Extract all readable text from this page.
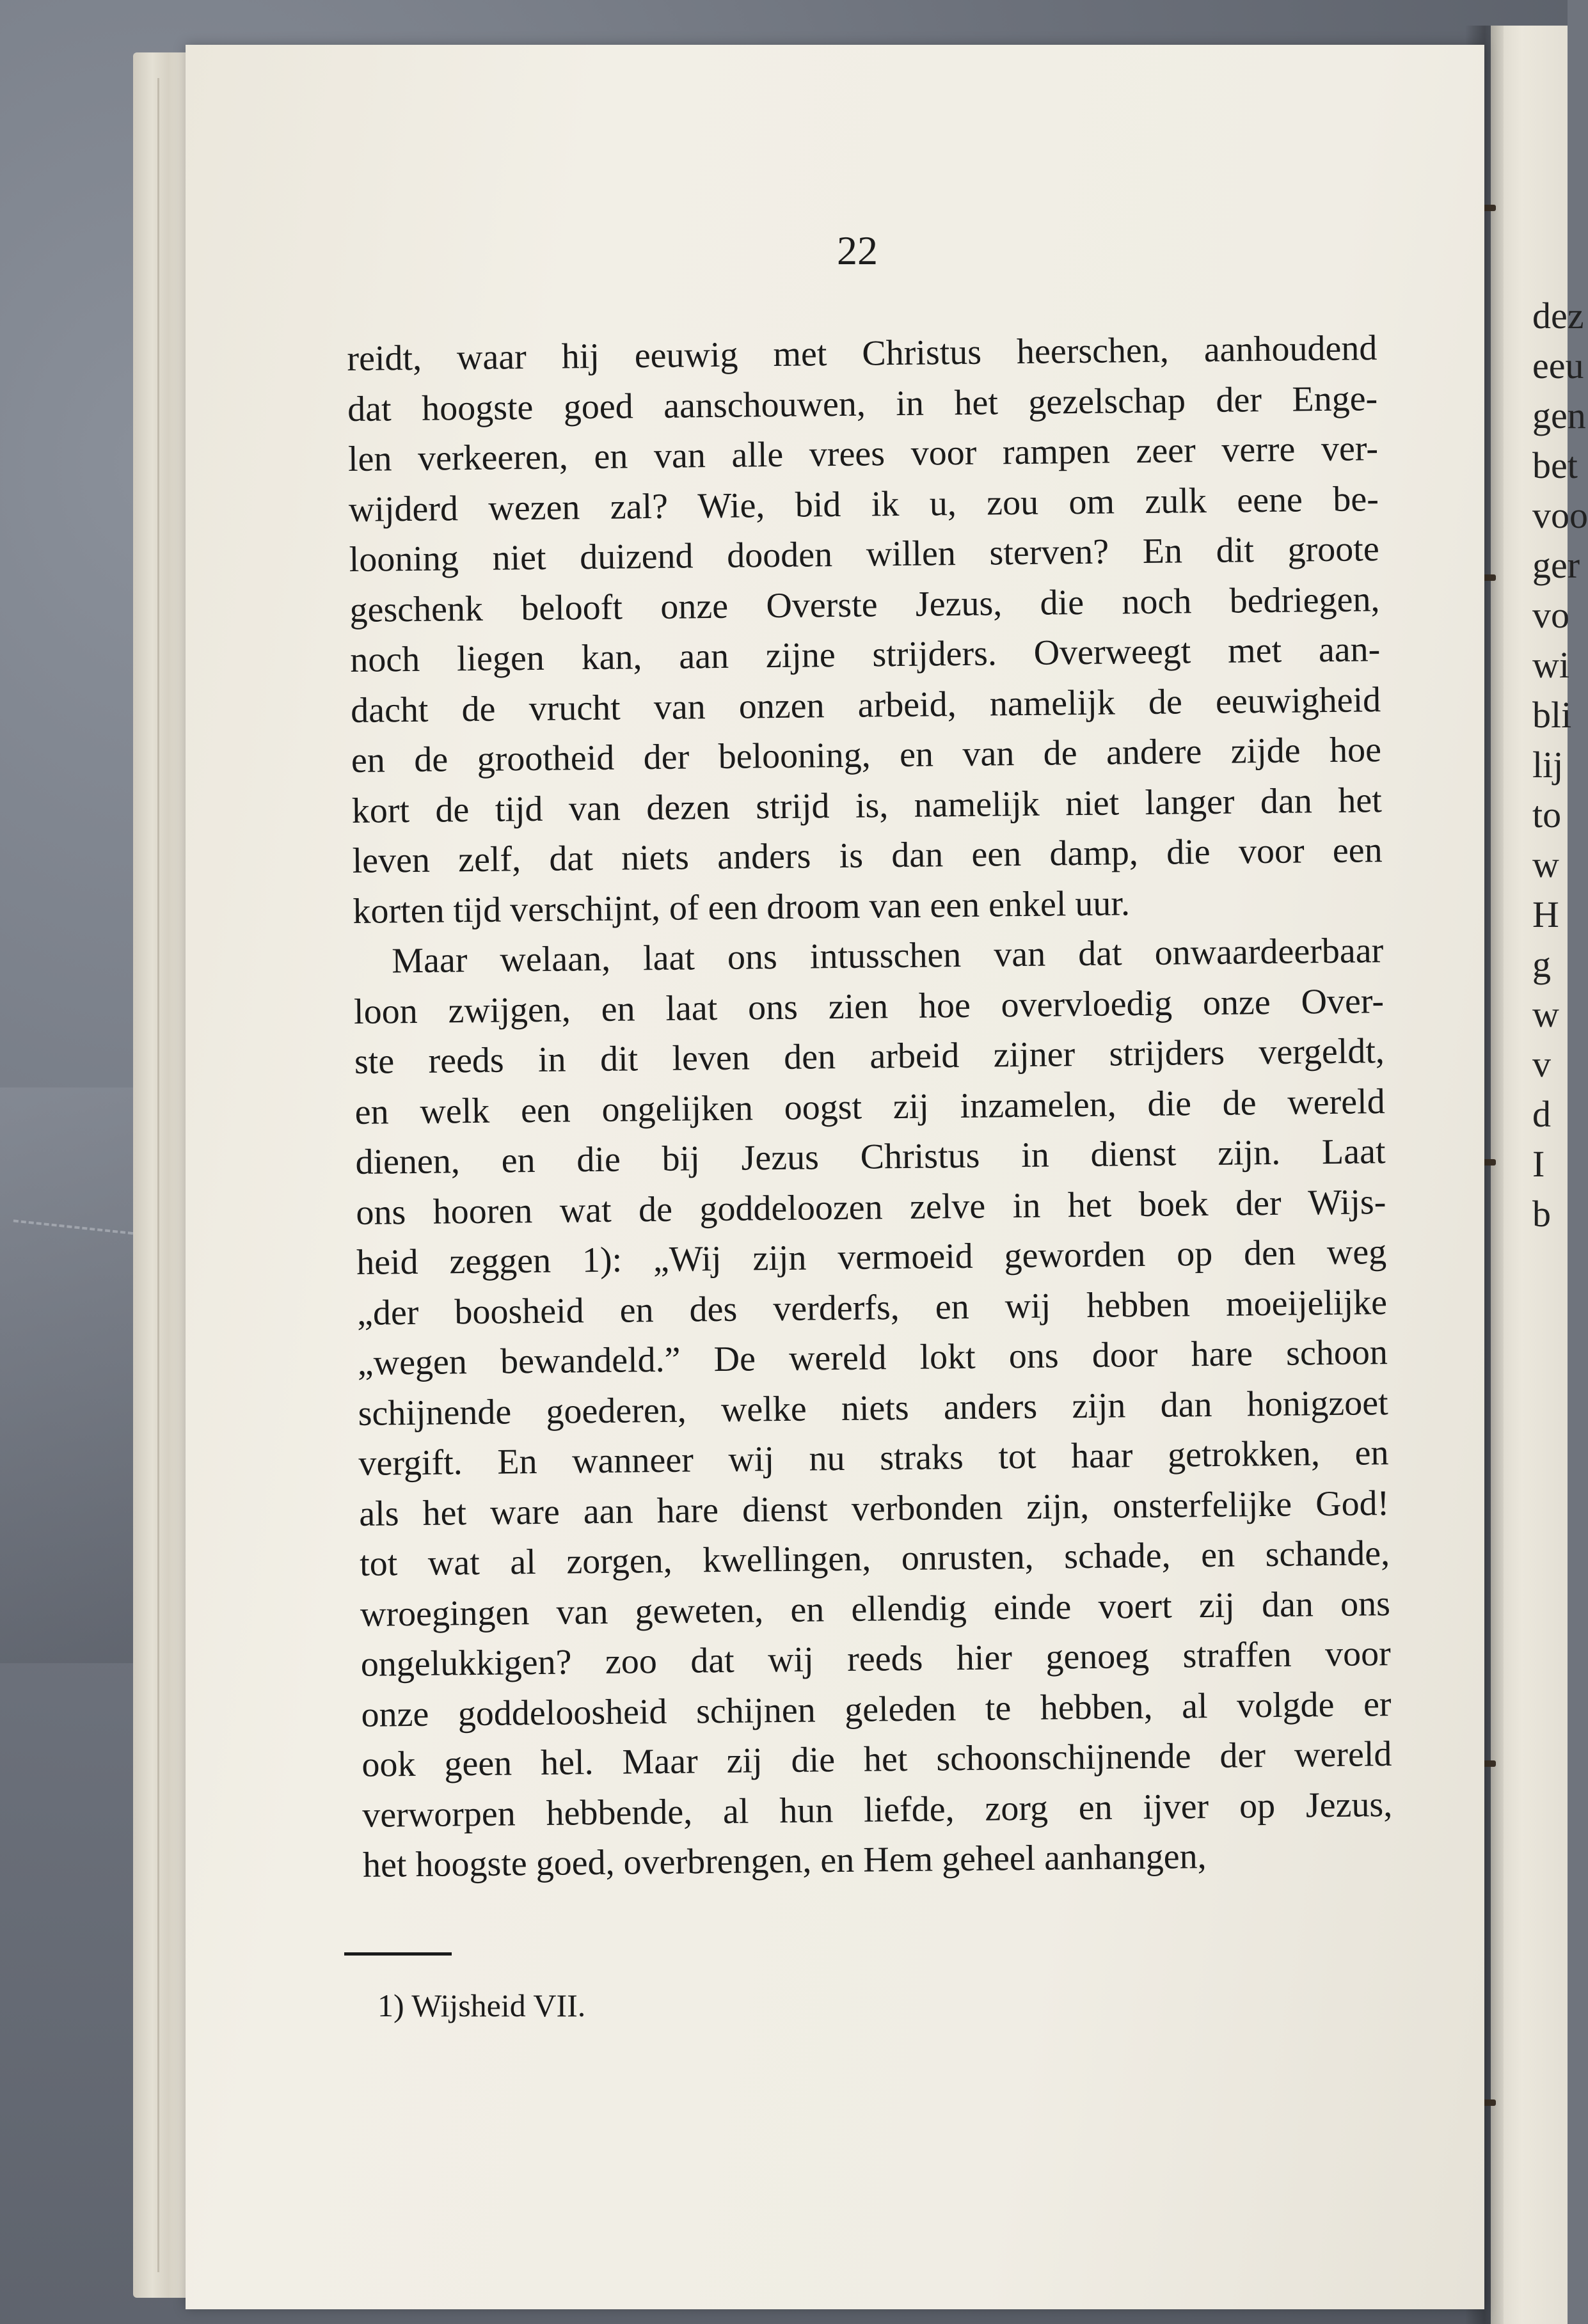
dez
eeu
gen
bet
voo
ger
vo
wi
bli
lij
to
w
H
g
w
v
d
I
b
22
reidt, waar hij eeuwig met Christus heerschen, aanhoudend
dat hoogste goed aanschouwen, in het gezelschap der Enge-
len verkeeren, en van alle vrees voor rampen zeer verre ver-
wijderd wezen zal? Wie, bid ik u, zou om zulk eene be-
looning niet duizend dooden willen sterven? En dit groote
geschenk belooft onze Overste Jezus, die noch bedriegen,
noch liegen kan, aan zijne strijders. Overweegt met aan-
dacht de vrucht van onzen arbeid, namelijk de eeuwigheid
en de grootheid der belooning, en van de andere zijde hoe
kort de tijd van dezen strijd is, namelijk niet langer dan het
leven zelf, dat niets anders is dan een damp, die voor een
korten tijd verschijnt, of een droom van een enkel uur.
Maar welaan, laat ons intusschen van dat onwaardeerbaar
loon zwijgen, en laat ons zien hoe overvloedig onze Over-
ste reeds in dit leven den arbeid zijner strijders vergeldt,
en welk een ongelijken oogst zij inzamelen, die de wereld
dienen, en die bij Jezus Christus in dienst zijn. Laat
ons hooren wat de goddeloozen zelve in het boek der Wijs-
heid zeggen 1): „Wij zijn vermoeid geworden op den weg
„der boosheid en des verderfs, en wij hebben moeijelijke
„wegen bewandeld.” De wereld lokt ons door hare schoon
schijnende goederen, welke niets anders zijn dan honigzoet
vergift. En wanneer wij nu straks tot haar getrokken, en
als het ware aan hare dienst verbonden zijn, onsterfelijke God!
tot wat al zorgen, kwellingen, onrusten, schade, en schande,
wroegingen van geweten, en ellendig einde voert zij dan ons
ongelukkigen? zoo dat wij reeds hier genoeg straffen voor
onze goddeloosheid schijnen geleden te hebben, al volgde er
ook geen hel. Maar zij die het schoonschijnende der wereld
verworpen hebbende, al hun liefde, zorg en ijver op Jezus,
het hoogste goed, overbrengen, en Hem geheel aanhangen,
1) Wijsheid VII.
